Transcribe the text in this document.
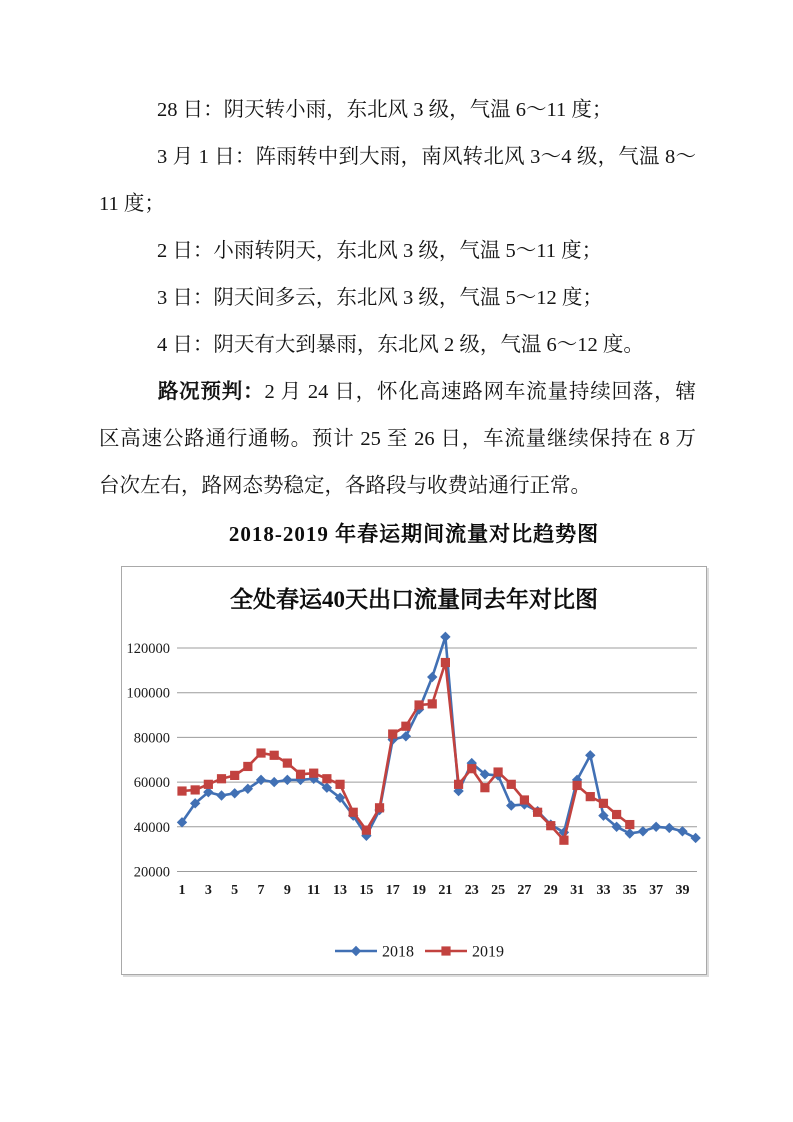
28 日：阴天转小雨，东北风 3 级，气温 6～11 度；
3 月 1 日：阵雨转中到大雨，南风转北风 3～4 级，气温 8～
11 度；
2 日：小雨转阴天，东北风 3 级，气温 5～11 度；
3 日：阴天间多云，东北风 3 级，气温 5～12 度；
4 日：阴天有大到暴雨，东北风 2 级，气温 6～12 度。
路况预判：2 月 24 日，怀化高速路网车流量持续回落，辖
区高速公路通行通畅。预计 25 至 26 日，车流量继续保持在 8 万
台次左右，路网态势稳定，各路段与收费站通行正常。
2018-2019 年春运期间流量对比趋势图
全处春运40天出口流量同去年对比图
20000
40000
60000
80000
100000
120000
1 3 5 7 9 11 13 15 17 19 21 23 25 27 29 31 33 35 37 39
2018	2019
